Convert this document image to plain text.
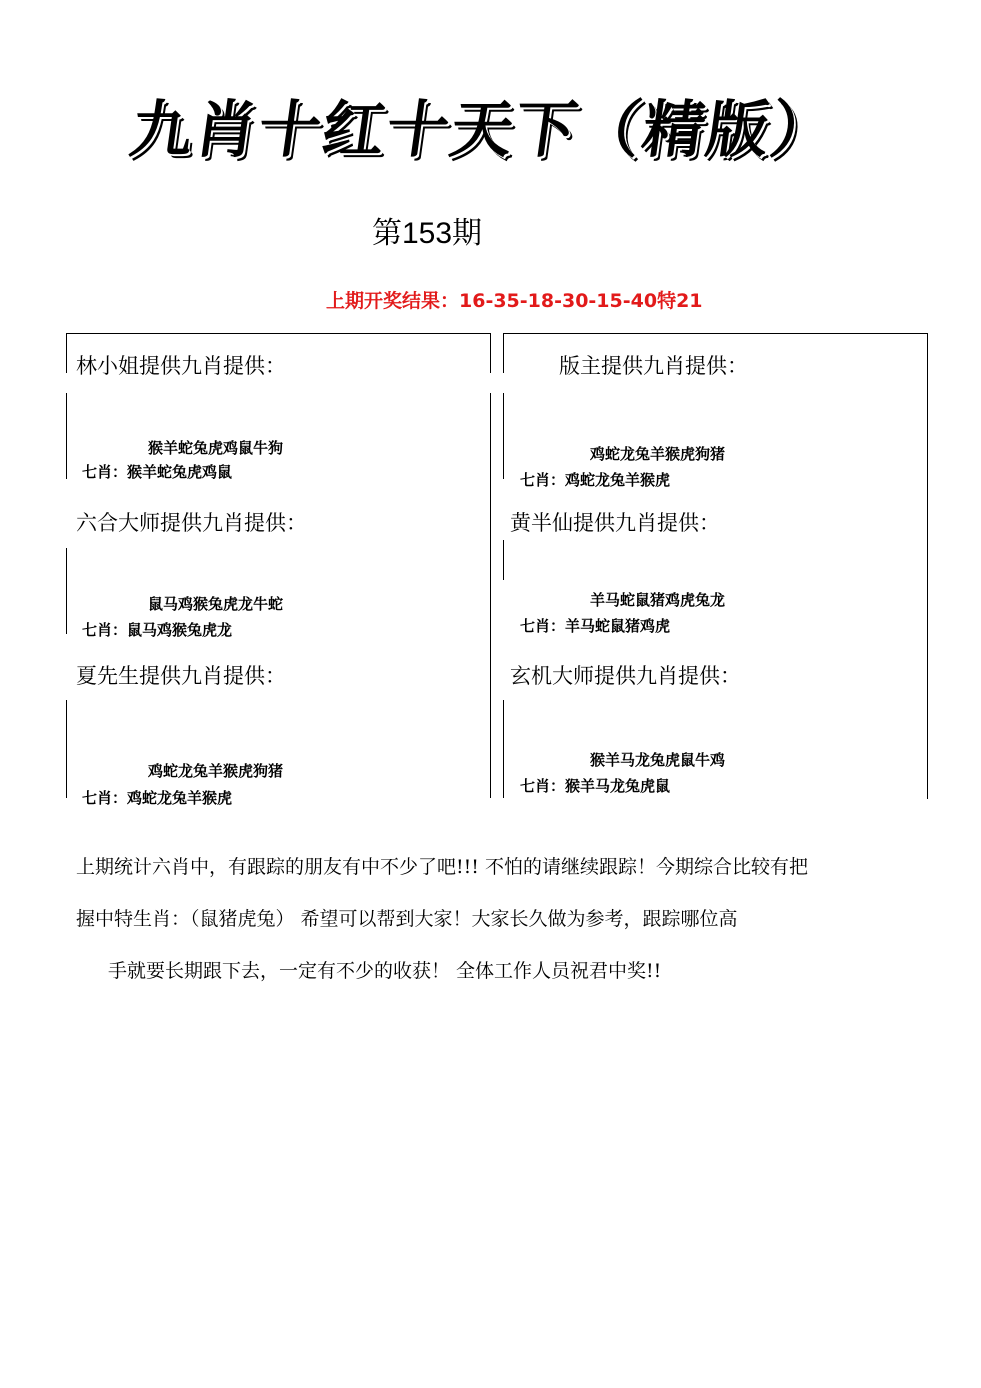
九肖十红十天下（精版）
第153期
上期开奖结果：16-35-18-30-15-40特21
林小姐提供九肖提供：
猴羊蛇兔虎鸡鼠牛狗
七肖：猴羊蛇兔虎鸡鼠
版主提供九肖提供：
鸡蛇龙兔羊猴虎狗猪
七肖：鸡蛇龙兔羊猴虎
六合大师提供九肖提供：
鼠马鸡猴兔虎龙牛蛇
七肖：鼠马鸡猴兔虎龙
黄半仙提供九肖提供：
羊马蛇鼠猪鸡虎兔龙
七肖：羊马蛇鼠猪鸡虎
夏先生提供九肖提供：
鸡蛇龙兔羊猴虎狗猪
七肖：鸡蛇龙兔羊猴虎
玄机大师提供九肖提供：
猴羊马龙兔虎鼠牛鸡
七肖：猴羊马龙兔虎鼠
上期统计六肖中，有跟踪的朋友有中不少了吧!!! 不怕的请继续跟踪！今期综合比较有把
握中特生肖：（鼠猪虎兔） 希望可以帮到大家！大家长久做为参考，跟踪哪位高
手就要长期跟下去，一定有不少的收获！ 全体工作人员祝君中奖!!
